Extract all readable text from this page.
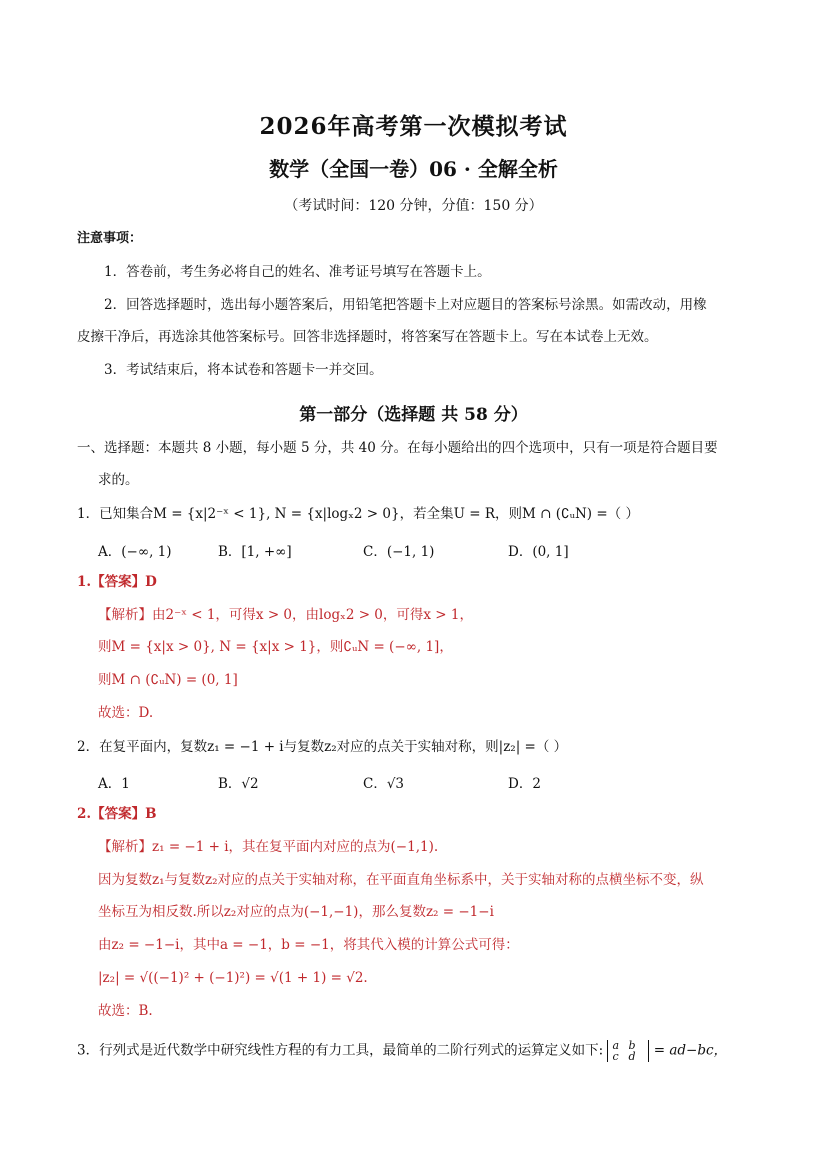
2026年高考第一次模拟考试
数学（全国一卷）06 · 全解全析
（考试时间：120 分钟，分值：150 分）
注意事项：
1．答卷前，考生务必将自己的姓名、准考证号填写在答题卡上。
2．回答选择题时，选出每小题答案后，用铅笔把答题卡上对应题目的答案标号涂黑。如需改动，用橡
皮擦干净后，再选涂其他答案标号。回答非选择题时，将答案写在答题卡上。写在本试卷上无效。
3．考试结束后，将本试卷和答题卡一并交回。
第一部分（选择题 共 58 分）
一、选择题：本题共 8 小题，每小题 5 分，共 40 分。在每小题给出的四个选项中，只有一项是符合题目要
求的。
1．已知集合M = {x|2⁻ˣ < 1}, N = {x|logₓ2 > 0}，若全集U = R，则M ∩ (∁ᵤN) =（ ）
A．(−∞, 1)	B．[1, +∞]	C．(−1, 1)	D．(0, 1]
1.【答案】D
【解析】由2⁻ˣ < 1，可得x > 0，由logₓ2 > 0，可得x > 1，
则M = {x|x > 0}, N = {x|x > 1}，则∁ᵤN = (−∞, 1]，
则M ∩ (∁ᵤN) = (0, 1]
故选：D.
2．在复平面内，复数z₁ = −1 + i与复数z₂对应的点关于实轴对称，则|z₂| =（ ）
A．1	B．√2	C．√3	D．2
2.【答案】B
【解析】z₁ = −1 + i，其在复平面内对应的点为(−1,1).
因为复数z₁与复数z₂对应的点关于实轴对称，在平面直角坐标系中，关于实轴对称的点横坐标不变，纵
坐标互为相反数.所以z₂对应的点为(−1,−1)，那么复数z₂ = −1−i
由z₂ = −1−i，其中a = −1，b = −1，将其代入模的计算公式可得：
|z₂| = √((−1)² + (−1)²) = √(1 + 1) = √2.
故选：B.
3．行列式是近代数学中研究线性方程的有力工具，最简单的二阶行列式的运算定义如下: a b
c d = ad−bc，
